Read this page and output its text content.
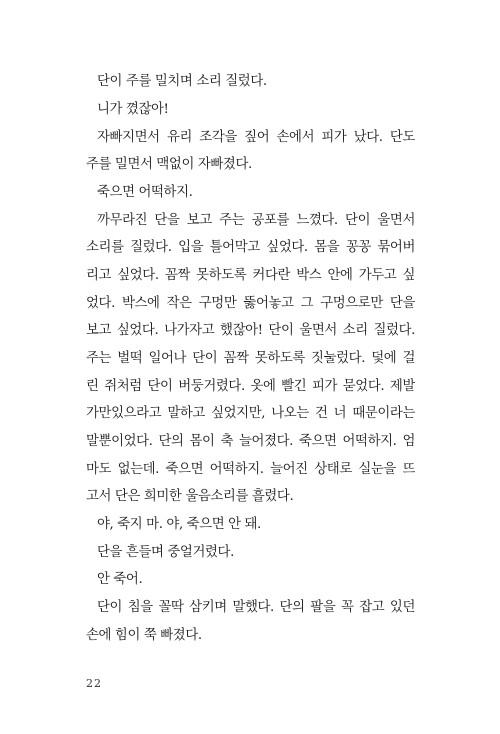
단이 주를 밀치며 소리 질렀다.
니가 꼈잖아!
자빠지면서 유리 조각을 짚어 손에서 피가 났다. 단도
주를 밀면서 맥없이 자빠졌다.
죽으면 어떡하지.
까무라진 단을 보고 주는 공포를 느꼈다. 단이 울면서
소리를 질렀다. 입을 틀어막고 싶었다. 몸을 꽁꽁 묶어버
리고 싶었다. 꼼짝 못하도록 커다란 박스 안에 가두고 싶
었다. 박스에 작은 구멍만 뚫어놓고 그 구멍으로만 단을
보고 싶었다. 나가자고 했잖아! 단이 울면서 소리 질렀다.
주는 벌떡 일어나 단이 꼼짝 못하도록 짓눌렀다. 덫에 걸
린 쥐처럼 단이 버둥거렸다. 옷에 빨긴 피가 묻었다. 제발
가만있으라고 말하고 싶었지만, 나오는 건 너 때문이라는
말뿐이었다. 단의 몸이 축 늘어졌다. 죽으면 어떡하지. 엄
마도 없는데. 죽으면 어떡하지. 늘어진 상태로 실눈을 뜨
고서 단은 희미한 울음소리를 흘렸다.
야, 죽지 마. 야, 죽으면 안 돼.
단을 흔들며 중얼거렸다.
안 죽어.
단이 침을 꼴딱 삼키며 말했다. 단의 팔을 꼭 잡고 있던
손에 힘이 쭉 빠졌다.
22
